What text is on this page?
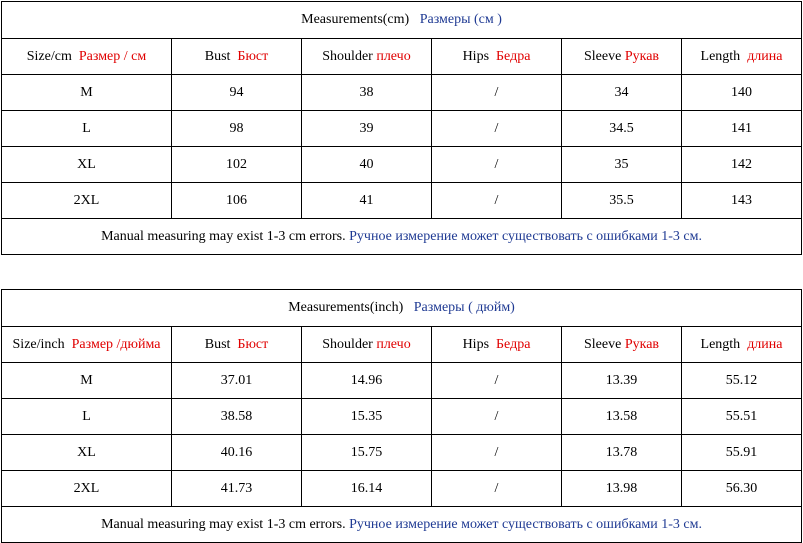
Measurements(cm) Размеры (см )					
Size/cm Размер / см	Bust Бюст	Shoulder плечо	Hips Бедра	Sleeve Рукав	Length длина
M	94	38	/	34	140
L	98	39	/	34.5	141
XL	102	40	/	35	142
2XL	106	41	/	35.5	143
Manual measuring may exist 1-3 cm errors. Ручное измерение может существовать с ошибками 1-3 см.					
Measurements(inch) Размеры ( дюйм)					
Size/inch Размер /дюйма	Bust Бюст	Shoulder плечо	Hips Бедра	Sleeve Рукав	Length длина
M	37.01	14.96	/	13.39	55.12
L	38.58	15.35	/	13.58	55.51
XL	40.16	15.75	/	13.78	55.91
2XL	41.73	16.14	/	13.98	56.30
Manual measuring may exist 1-3 cm errors. Ручное измерение может существовать с ошибками 1-3 см.					
